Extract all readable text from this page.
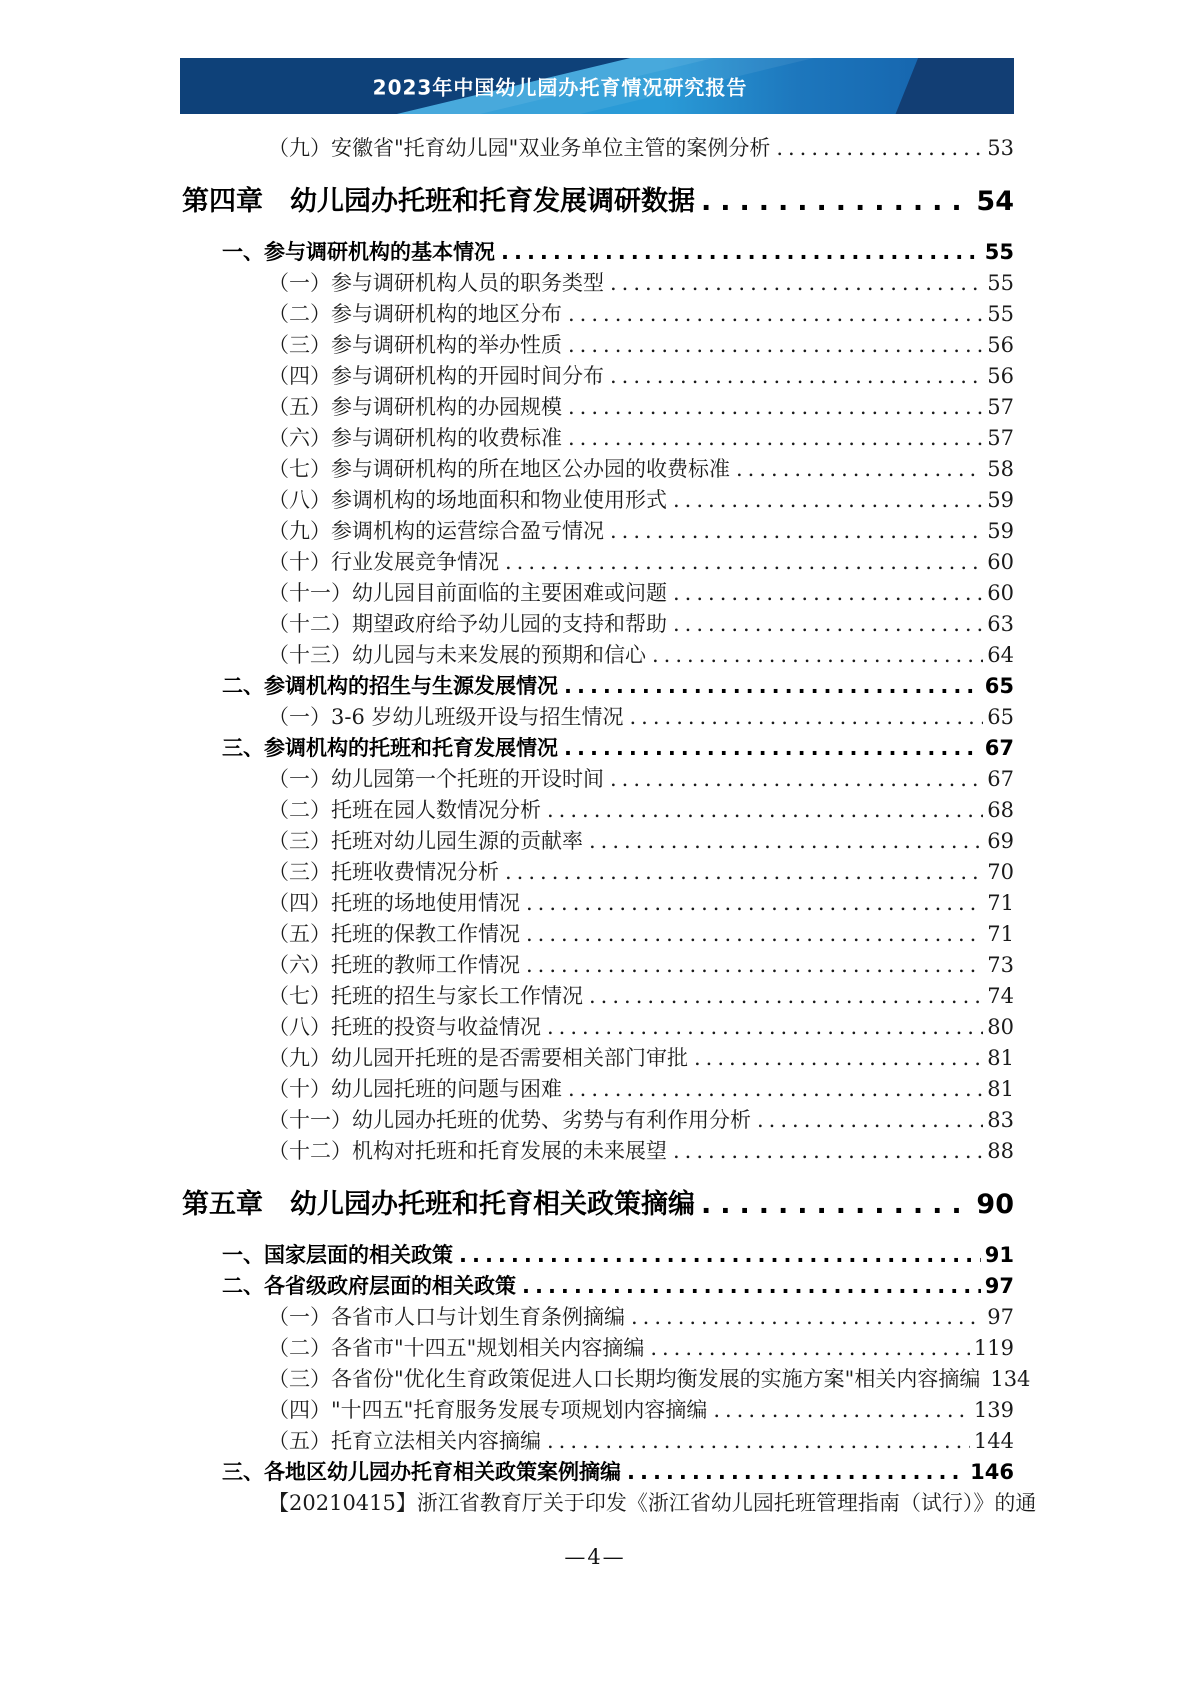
2023年中国幼儿园办托育情况研究报告
（九）安徽省"托育幼儿园"双业务单位主管的案例分析 .....	53
第四章　幼儿园办托班和托育发展调研数据 .....	54
一、参与调研机构的基本情况 .....	55
（一）参与调研机构人员的职务类型 .....	55
（二）参与调研机构的地区分布 .....	55
（三）参与调研机构的举办性质 .....	56
（四）参与调研机构的开园时间分布 .....	56
（五）参与调研机构的办园规模 .....	57
（六）参与调研机构的收费标准 .....	57
（七）参与调研机构的所在地区公办园的收费标准 .....	58
（八）参调机构的场地面积和物业使用形式 .....	59
（九）参调机构的运营综合盈亏情况 .....	59
（十）行业发展竞争情况 .....	60
（十一）幼儿园目前面临的主要困难或问题 .....	60
（十二）期望政府给予幼儿园的支持和帮助 .....	63
（十三）幼儿园与未来发展的预期和信心 .....	64
二、参调机构的招生与生源发展情况 .....	65
（一）3-6 岁幼儿班级开设与招生情况 .....	65
三、参调机构的托班和托育发展情况 .....	67
（一）幼儿园第一个托班的开设时间 .....	67
（二）托班在园人数情况分析 .....	68
（三）托班对幼儿园生源的贡献率 .....	69
（三）托班收费情况分析 .....	70
（四）托班的场地使用情况 .....	71
（五）托班的保教工作情况 .....	71
（六）托班的教师工作情况 .....	73
（七）托班的招生与家长工作情况 .....	74
（八）托班的投资与收益情况 .....	80
（九）幼儿园开托班的是否需要相关部门审批 .....	81
（十）幼儿园托班的问题与困难 .....	81
（十一）幼儿园办托班的优势、劣势与有利作用分析 .....	83
（十二）机构对托班和托育发展的未来展望 .....	88
第五章　幼儿园办托班和托育相关政策摘编 .....	90
一、国家层面的相关政策 .....	91
二、各省级政府层面的相关政策 .....	97
（一）各省市人口与计划生育条例摘编 .....	97
（二）各省市"十四五"规划相关内容摘编 .....	119
（三）各省份"优化生育政策促进人口长期均衡发展的实施方案"相关内容摘编 134
（四）"十四五"托育服务发展专项规划内容摘编 .....	139
（五）托育立法相关内容摘编 .....	144
三、各地区幼儿园办托育相关政策案例摘编 .....	146
【20210415】浙江省教育厅关于印发《浙江省幼儿园托班管理指南（试行）》的通
—4—
